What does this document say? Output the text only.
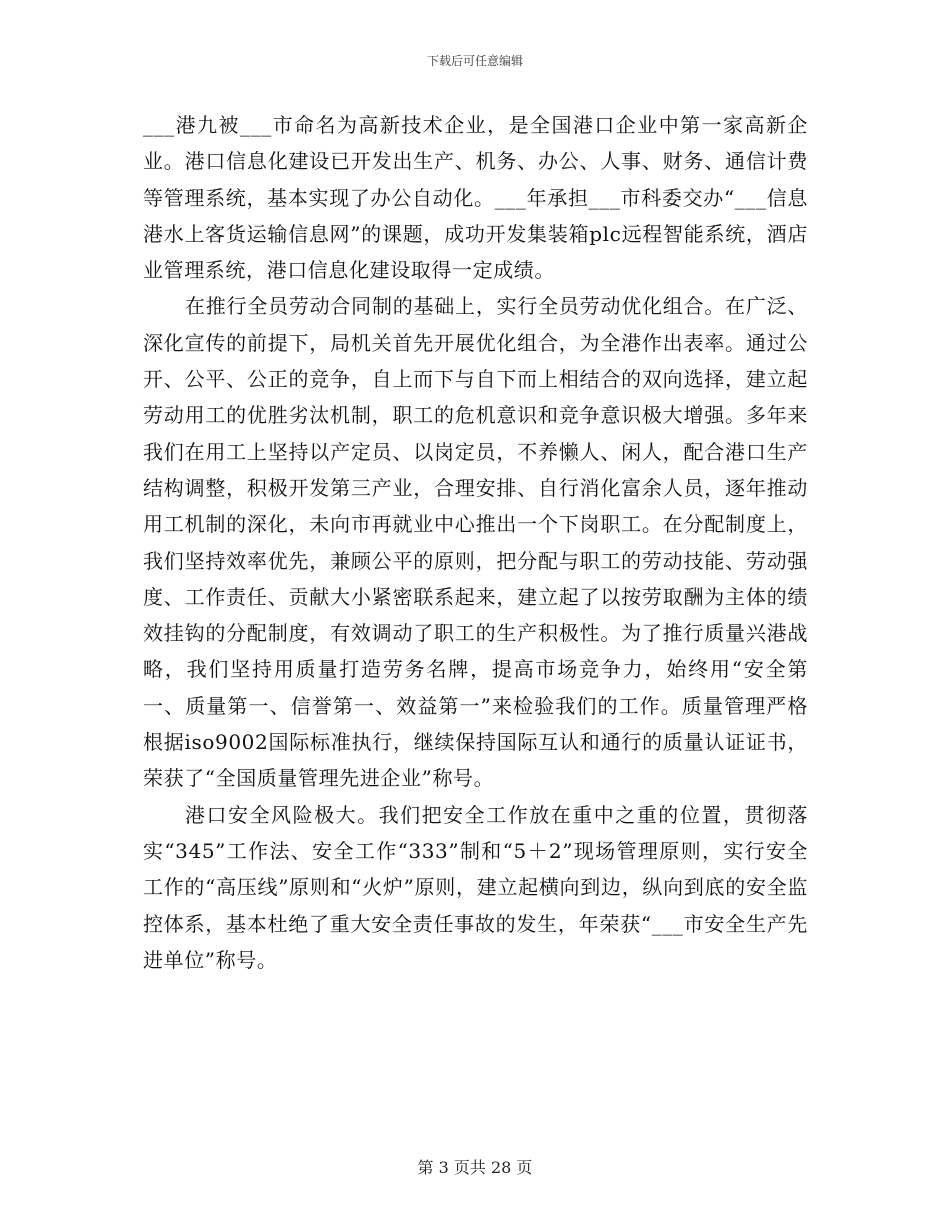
下载后可任意编辑

___港九被___市命名为高新技术企业，是全国港口企业中第一家高新企业。港口信息化建设已开发出生产、机务、办公、人事、财务、通信计费等管理系统，基本实现了办公自动化。___年承担___市科委交办“___信息港水上客货运输信息网”的课题，成功开发集装箱plc远程智能系统，酒店业管理系统，港口信息化建设取得一定成绩。

在推行全员劳动合同制的基础上，实行全员劳动优化组合。在广泛、深化宣传的前提下，局机关首先开展优化组合，为全港作出表率。通过公开、公平、公正的竞争，自上而下与自下而上相结合的双向选择，建立起劳动用工的优胜劣汰机制，职工的危机意识和竞争意识极大增强。多年来我们在用工上坚持以产定员、以岗定员，不养懒人、闲人，配合港口生产结构调整，积极开发第三产业，合理安排、自行消化富余人员，逐年推动用工机制的深化，未向市再就业中心推出一个下岗职工。在分配制度上，我们坚持效率优先，兼顾公平的原则，把分配与职工的劳动技能、劳动强度、工作责任、贡献大小紧密联系起来，建立起了以按劳取酬为主体的绩效挂钩的分配制度，有效调动了职工的生产积极性。为了推行质量兴港战略，我们坚持用质量打造劳务名牌，提高市场竞争力，始终用“安全第一、质量第一、信誉第一、效益第一”来检验我们的工作。质量管理严格根据iso9002国际标准执行，继续保持国际互认和通行的质量认证证书，荣获了“全国质量管理先进企业”称号。

港口安全风险极大。我们把安全工作放在重中之重的位置，贯彻落实“345”工作法、安全工作“333”制和“5＋2”现场管理原则，实行安全工作的“高压线”原则和“火炉”原则，建立起横向到边，纵向到底的安全监控体系，基本杜绝了重大安全责任事故的发生，年荣获“___市安全生产先进单位”称号。

第 3 页共 28 页
